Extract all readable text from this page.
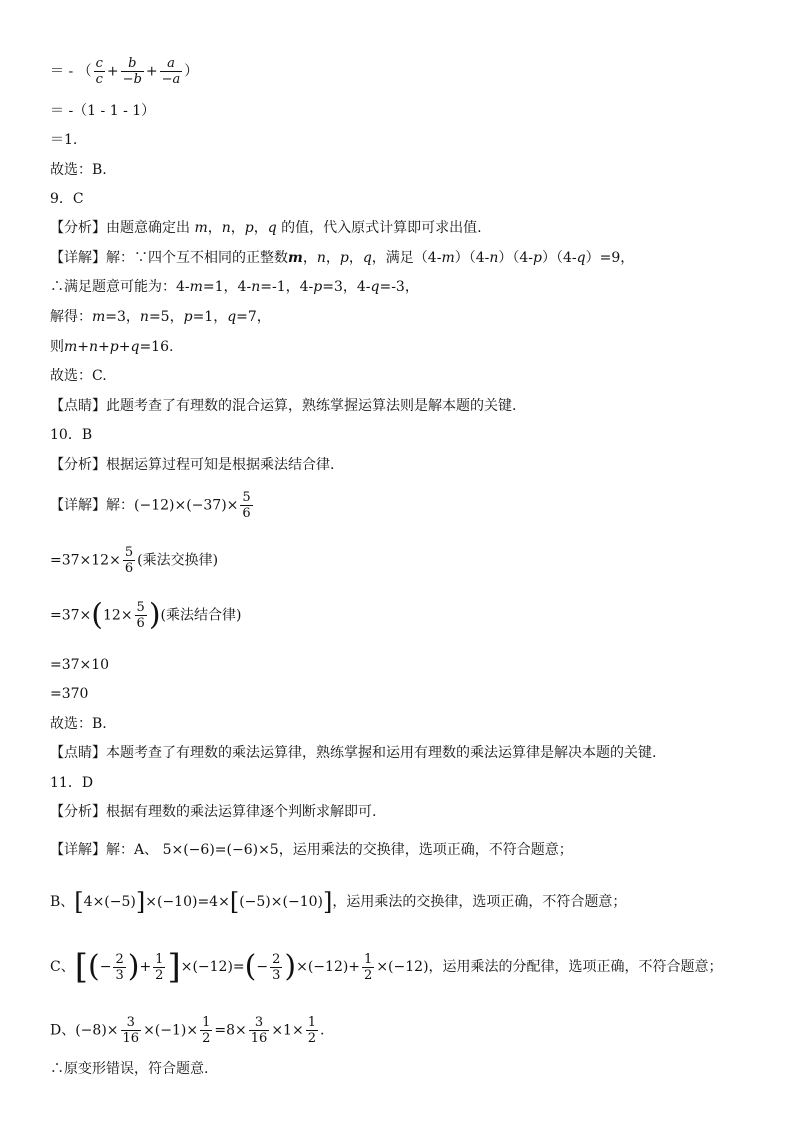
＝ - （ $\frac{c}{c} + \frac{b}{-b} + \frac{a}{-a}$ ）
＝ -（1 - 1 - 1）
＝1.
故选：B.
9．C
【分析】由题意确定出 m，n，p，q 的值，代入原式计算即可求出值.
【详解】解：∵四个互不相同的正整数m，n，p，q，满足（4-m）（4-n）（4-p）（4-q）=9，
∴满足题意可能为：4-m=1，4-n=-1，4-p=3，4-q=-3，
解得：m=3，n=5，p=1，q=7，
则m+n+p+q=16.
故选：C.
【点睛】此题考查了有理数的混合运算，熟练掌握运算法则是解本题的关键.
10．B
【分析】根据运算过程可知是根据乘法结合律.
【详解】解：$(-12)\times(-37)\times \frac{5}{6}$
$=37\times 12\times \frac{5}{6}$ (乘法交换律)
$=37\times(12\times \frac{5}{6}$ )(乘法结合律)
=37×10
=370
故选：B.
【点睛】本题考查了有理数的乘法运算律，熟练掌握和运用有理数的乘法运算律是解决本题的关键.
11．D
【分析】根据有理数的乘法运算律逐个判断求解即可.
【详解】解：A、 5×(−6)=(−6)×5，运用乘法的交换律，选项正确，不符合题意；
B、[4×(−5)]×(−10)=4×[(−5)×(−10)]，运用乘法的交换律，选项正确，不符合题意；
C、[(− $\frac{2}{3}$ )+ $\frac{1}{2} ]\times(-12)=(- \frac{2}{3} )\times(-12)+ \frac{1}{2} \times(-12)$，运用乘法的分配律，选项正确，不符合题意；
D、$(-8)\times \frac{3}{16} \times(-1)\times \frac{1}{2} =8\times \frac{3}{16} \times 1\times \frac{1}{2}$ .
∴原变形错误，符合题意.
